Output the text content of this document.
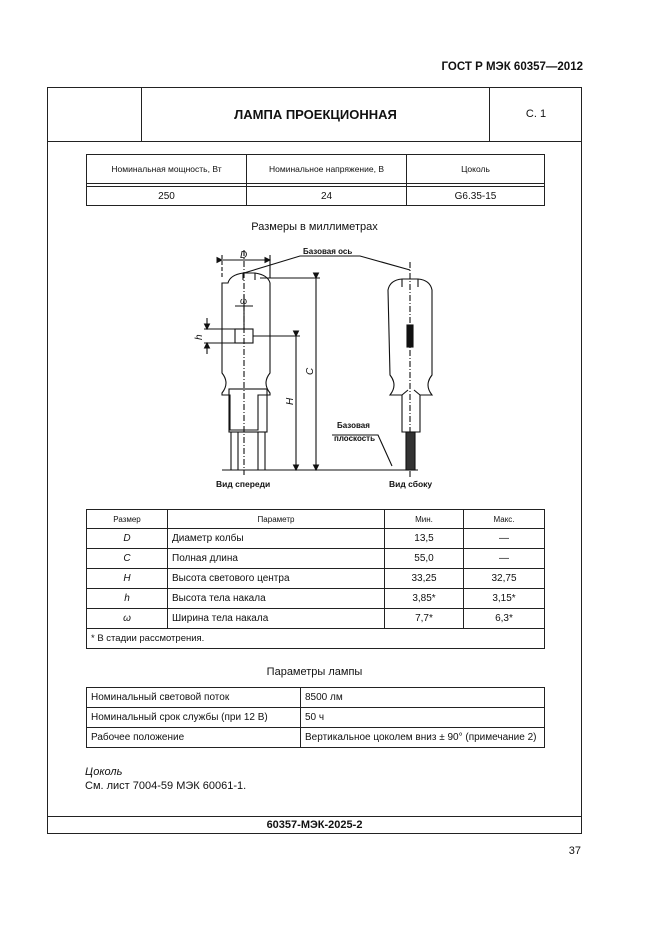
ГОСТ Р МЭК 60357—2012
ЛАМПА ПРОЕКЦИОННАЯ	С. 1
Номинальная мощность, Вт	Номинальное напряжение, В	Цоколь

250	24	G6.35-15
Размеры в миллиметрах
Размер	Параметр	Мин.	Макс.
D	Диаметр колбы	13,5	—
C	Полная длина	55,0	—
H	Высота светового центра	33,25	32,75
h	Высота тела накала	3,85*	3,15*
ω	Ширина тела накала	7,7*	6,3*
* В стадии рассмотрения.			
Параметры лампы
Номинальный световой поток	8500 лм
Номинальный срок службы (при 12 В)	50 ч
Рабочее положение	Вертикальное цоколем вниз ± 90° (примечание 2)
Цоколь
См. лист 7004-59 МЭК 60061-1.
60357-МЭК-2025-2
D
ω
h
H
C
Базовая ось
Базовая
плоскость
Вид спереди	Вид сбоку
37
